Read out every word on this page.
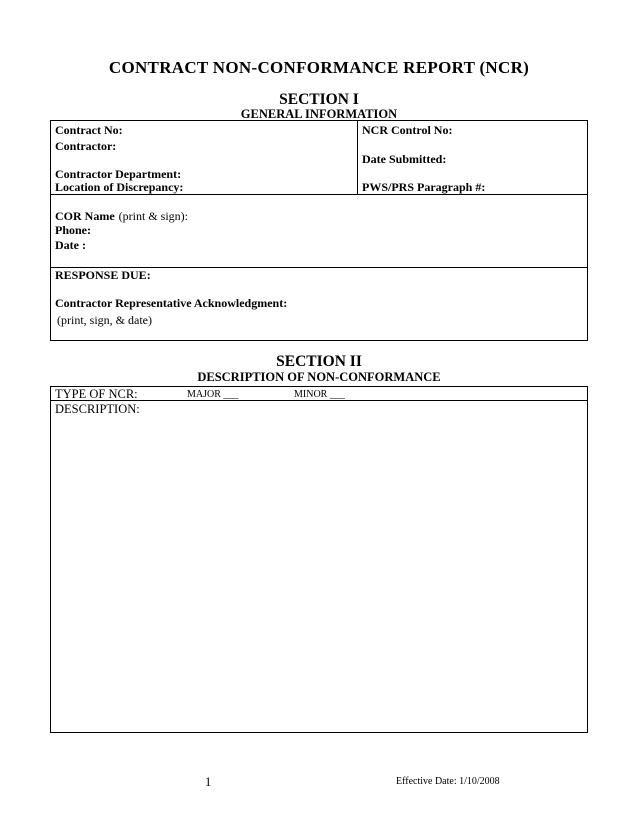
CONTRACT NON-CONFORMANCE REPORT (NCR)
SECTION I
GENERAL INFORMATION
Contract No:
Contractor:
Contractor Department:
Location of Discrepancy:
NCR Control No:
Date Submitted:
PWS/PRS Paragraph #:
COR Name (print & sign):
Phone:
Date :
RESPONSE DUE:
Contractor Representative Acknowledgment:
(print, sign, & date)
SECTION II
DESCRIPTION OF NON-CONFORMANCE
TYPE OF NCR:	MAJOR ___	MINOR ___
DESCRIPTION:
1	Effective Date: 1/10/2008
